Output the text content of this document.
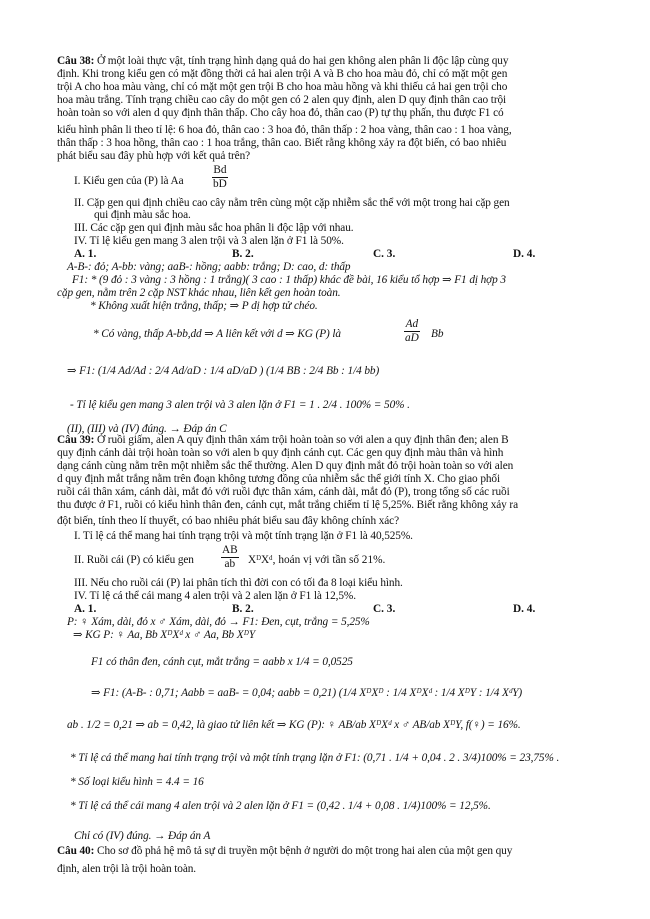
Câu 38: Ở một loài thực vật, tính trạng hình dạng quả do hai gen không alen phân li độc lập cùng quy
định. Khi trong kiểu gen có mặt đồng thời cả hai alen trội A và B cho hoa màu đỏ, chỉ có mặt một gen
trội A cho hoa màu vàng, chỉ có mặt một gen trội B cho hoa màu hồng và khi thiếu cả hai gen trội cho
hoa màu trắng. Tính trạng chiều cao cây do một gen có 2 alen quy định, alen D quy định thân cao trội
hoàn toàn so với alen d quy định thân thấp. Cho cây hoa đỏ, thân cao (P) tự thụ phấn, thu được F1 có
kiểu hình phân li theo tỉ lệ: 6 hoa đỏ, thân cao : 3 hoa đỏ, thân thấp : 2 hoa vàng, thân cao : 1 hoa vàng,
thân thấp : 3 hoa hồng, thân cao : 1 hoa trắng, thân cao. Biết rằng không xảy ra đột biến, có bao nhiêu
phát biểu sau đây phù hợp với kết quả trên?
I. Kiểu gen của (P) là Aa	$\frac{Bd}{bD}$
II. Cặp gen qui định chiều cao cây nằm trên cùng một cặp nhiễm sắc thể với một trong hai cặp gen
qui định màu sắc hoa.
III. Các cặp gen qui định màu sắc hoa phân li độc lập với nhau.
IV. Tỉ lệ kiểu gen mang 3 alen trội và 3 alen lặn ở F1 là 50%.
A. 1.	B. 2.	C. 3.	D. 4.
A-B-: đỏ; A-bb: vàng; aaB-: hồng; aabb: trắng; D: cao, d: thấp
F1: * (9 đỏ : 3 vàng : 3 hồng : 1 trắng)( 3 cao : 1 thấp) khác đề bài, 16 kiểu tổ hợp ⇒ F1 dị hợp 3
cặp gen, nằm trên 2 cặp NST khác nhau, liên kết gen hoàn toàn.
* Không xuất hiện trắng, thấp; ⇒ P dị hợp tử chéo.
* Có vàng, thấp A-bb,dd ⇒ A liên kết với d ⇒ KG (P) là	$\frac{Ad}{aD}$ Bb
⇒ F1: (1/4 Ad/Ad : 2/4 Ad/aD : 1/4 aD/aD ) (1/4 BB : 2/4 Bb : 1/4 bb)
- Tỉ lệ kiểu gen mang 3 alen trội và 3 alen lặn ở F1 = 1 . 2/4 . 100% = 50% .
(II), (III) và (IV) đúng. → Đáp án C
Câu 39: Ở ruồi giấm, alen A quy định thân xám trội hoàn toàn so với alen a quy định thân đen; alen B
quy định cánh dài trội hoàn toàn so với alen b quy định cánh cụt. Các gen quy định màu thân và hình
dạng cánh cùng nằm trên một nhiễm sắc thể thường. Alen D quy định mắt đỏ trội hoàn toàn so với alen
d quy định mắt trắng nằm trên đoạn không tương đồng của nhiễm sắc thể giới tính X. Cho giao phối
ruồi cái thân xám, cánh dài, mắt đỏ với ruồi đực thân xám, cánh dài, mắt đỏ (P), trong tổng số các ruồi
thu được ở F1, ruồi có kiểu hình thân đen, cánh cụt, mắt trắng chiếm tỉ lệ 5,25%. Biết rằng không xảy ra
đột biến, tính theo lí thuyết, có bao nhiêu phát biểu sau đây không chính xác?
I. Tỉ lệ cá thể mang hai tính trạng trội và một tính trạng lặn ở F1 là 40,525%.
II. Ruồi cái (P) có kiểu gen $\frac{AB}{ab}$ XᴰXᵈ, hoán vị với tần số 21%.
III. Nếu cho ruồi cái (P) lai phân tích thì đời con có tối đa 8 loại kiểu hình.
IV. Tỉ lệ cá thể cái mang 4 alen trội và 2 alen lặn ở F1 là 12,5%.
A. 1.	B. 2.	C. 3.	D. 4.
P: ♀ Xám, dài, đỏ x ♂ Xám, dài, đỏ → F1: Đen, cụt, trắng = 5,25%
⇒ KG P: ♀ Aa, Bb XᴰXᵈ x ♂ Aa, Bb XᴰY
F1 có thân đen, cánh cụt, mắt trắng = aabb x 1/4 = 0,0525
⇒ F1: (A-B- : 0,71; Aabb = aaB- = 0,04; aabb = 0,21) (1/4 XᴰXᴰ : 1/4 XᴰXᵈ : 1/4 XᴰY : 1/4 XᵈY)
ab . 1/2 = 0,21 ⇒ ab = 0,42, là giao tử liên kết ⇒ KG (P): ♀ AB/ab XᴰXᵈ x ♂ AB/ab XᴰY, f(♀) = 16%.
* Tỉ lệ cá thể mang hai tính trạng trội và một tính trạng lặn ở F1: (0,71 . 1/4 + 0,04 . 2 . 3/4)100% = 23,75% .
* Số loại kiểu hình = 4.4 = 16
* Tỉ lệ cá thể cái mang 4 alen trội và 2 alen lặn ở F1 = (0,42 . 1/4 + 0,08 . 1/4)100% = 12,5%.
Chỉ có (IV) đúng. → Đáp án A
Câu 40: Cho sơ đồ phả hệ mô tả sự di truyền một bệnh ở người do một trong hai alen của một gen quy
định, alen trội là trội hoàn toàn.
